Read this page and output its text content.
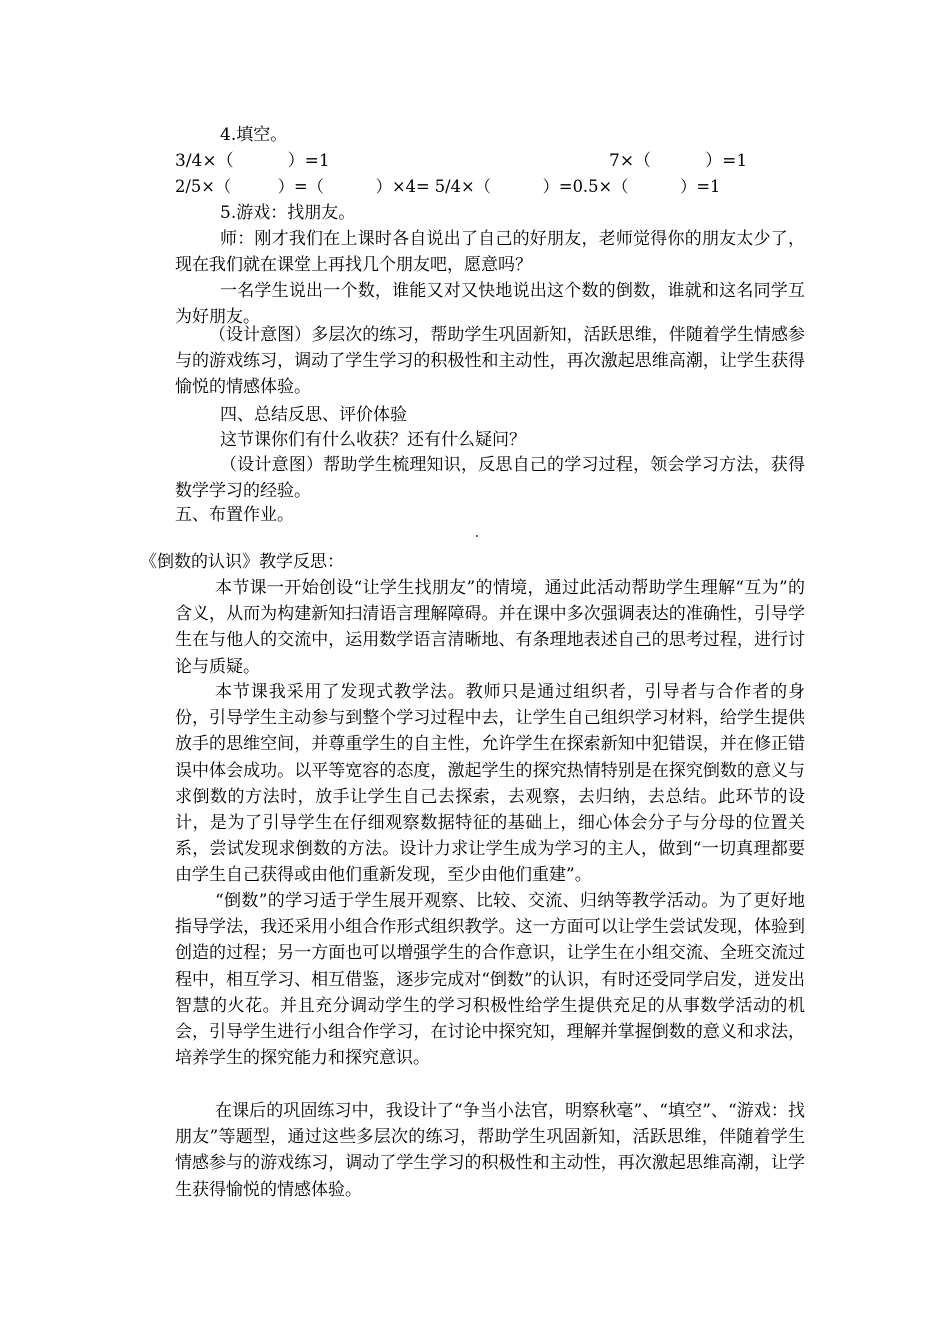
4.填空。

3/4×（          ）=1	7×（          ）=1

2/5×（         ）=（          ）×4= 5/4×（          ）=0.5×（          ）=1

5.游戏：找朋友。

师：刚才我们在上课时各自说出了自己的好朋友，老师觉得你的朋友太少了，现在我们就在课堂上再找几个朋友吧，愿意吗？

一名学生说出一个数，谁能又对又快地说出这个数的倒数，谁就和这名同学互为好朋友。

（设计意图）多层次的练习，帮助学生巩固新知，活跃思维，伴随着学生情感参与的游戏练习，调动了学生学习的积极性和主动性，再次激起思维高潮，让学生获得愉悦的情感体验。

四、总结反思、评价体验

这节课你们有什么收获？还有什么疑问？

（设计意图）帮助学生梳理知识，反思自己的学习过程，领会学习方法，获得数学学习的经验。

五、布置作业。

《倒数的认识》教学反思：

本节课一开始创设“让学生找朋友”的情境，通过此活动帮助学生理解“互为”的含义，从而为构建新知扫清语言理解障碍。并在课中多次强调表达的准确性，引导学生在与他人的交流中，运用数学语言清晰地、有条理地表述自己的思考过程，进行讨论与质疑。

本节课我采用了发现式教学法。教师只是通过组织者，引导者与合作者的身份，引导学生主动参与到整个学习过程中去，让学生自己组织学习材料，给学生提供放手的思维空间，并尊重学生的自主性，允许学生在探索新知中犯错误，并在修正错误中体会成功。以平等宽容的态度，激起学生的探究热情特别是在探究倒数的意义与求倒数的方法时，放手让学生自己去探索，去观察，去归纳，去总结。此环节的设计，是为了引导学生在仔细观察数据特征的基础上，细心体会分子与分母的位置关系，尝试发现求倒数的方法。设计力求让学生成为学习的主人，做到“一切真理都要由学生自己获得或由他们重新发现，至少由他们重建”。

“倒数”的学习适于学生展开观察、比较、交流、归纳等教学活动。为了更好地指导学法，我还采用小组合作形式组织教学。这一方面可以让学生尝试发现，体验到创造的过程；另一方面也可以增强学生的合作意识，让学生在小组交流、全班交流过程中，相互学习、相互借鉴，逐步完成对“倒数”的认识，有时还受同学启发，迸发出智慧的火花。并且充分调动学生的学习积极性给学生提供充足的从事数学活动的机会，引导学生进行小组合作学习，在讨论中探究知，理解并掌握倒数的意义和求法，培养学生的探究能力和探究意识。

在课后的巩固练习中，我设计了“争当小法官，明察秋毫”、“填空”、“游戏：找朋友”等题型，通过这些多层次的练习，帮助学生巩固新知，活跃思维，伴随着学生情感参与的游戏练习，调动了学生学习的积极性和主动性，再次激起思维高潮，让学生获得愉悦的情感体验。
